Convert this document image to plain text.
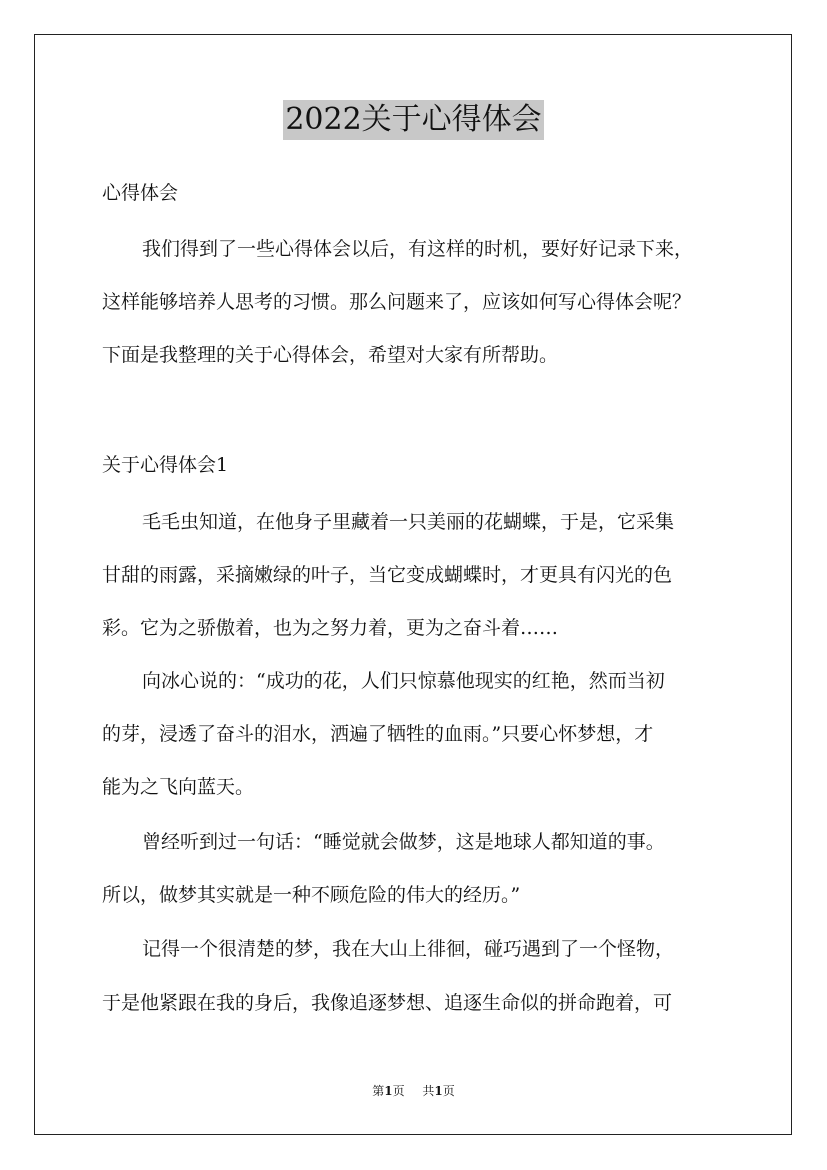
2022关于心得体会
心得体会
我们得到了一些心得体会以后，有这样的时机，要好好记录下来，
这样能够培养人思考的习惯。那么问题来了，应该如何写心得体会呢？
下面是我整理的关于心得体会，希望对大家有所帮助。
关于心得体会1
毛毛虫知道，在他身子里藏着一只美丽的花蝴蝶，于是，它采集
甘甜的雨露，采摘嫩绿的叶子，当它变成蝴蝶时，才更具有闪光的色
彩。它为之骄傲着，也为之努力着，更为之奋斗着……
向冰心说的：“成功的花，人们只惊慕他现实的红艳，然而当初
的芽，浸透了奋斗的泪水，洒遍了牺牲的血雨。”只要心怀梦想，才
能为之飞向蓝天。
曾经听到过一句话：“睡觉就会做梦，这是地球人都知道的事。
所以，做梦其实就是一种不顾危险的伟大的经历。”
记得一个很清楚的梦，我在大山上徘徊，碰巧遇到了一个怪物，
于是他紧跟在我的身后，我像追逐梦想、追逐生命似的拼命跑着，可
第1页 共1页
